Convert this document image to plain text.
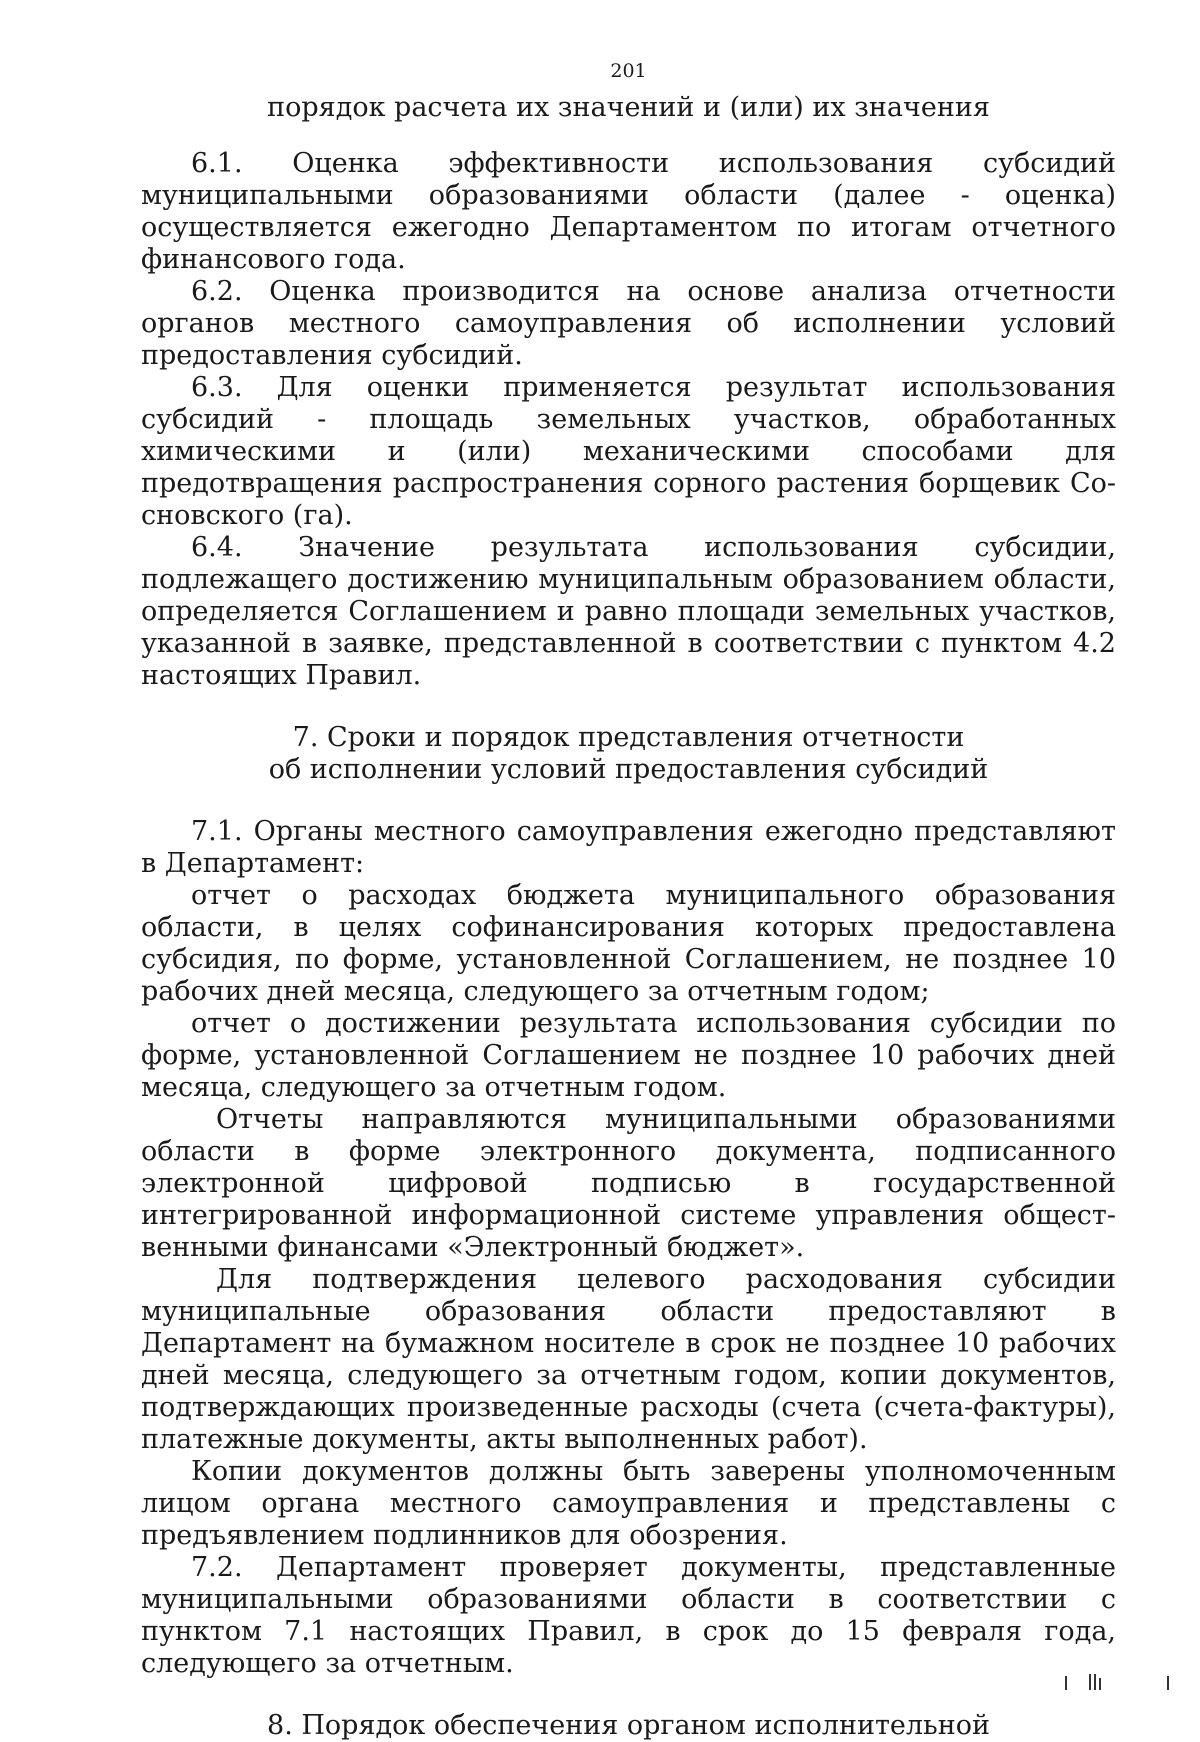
201

порядок расчета их значений и (или) их значения

6.1. Оценка эффективности использования субсидий муниципальными образованиями области (далее - оценка) осуществляется ежегодно Департаментом по итогам отчетного финансового года.

6.2. Оценка производится на основе анализа отчетности органов местного самоуправления об исполнении условий предоставления субсидий.

6.3. Для оценки применяется результат использования субсидий - площадь земельных участков, обработанных химическими и (или) механическими способами для предотвращения распространения сорного растения борщевик Сосновского (га).

6.4. Значение результата использования субсидии, подлежащего достижению муниципальным образованием области, определяется Соглашением и равно площади земельных участков, указанной в заявке, представленной в соответствии с пунктом 4.2 настоящих Правил.

7. Сроки и порядок представления отчетности

об исполнении условий предоставления субсидий

7.1. Органы местного самоуправления ежегодно представляют в Департамент:

отчет о расходах бюджета муниципального образования области, в целях софинансирования которых предоставлена субсидия, по форме, установленной Соглашением, не позднее 10 рабочих дней месяца, следующего за отчетным годом;

отчет о достижении результата использования субсидии по форме, установленной Соглашением не позднее 10 рабочих дней месяца, следующего за отчетным годом.

Отчеты направляются муниципальными образованиями области в форме электронного документа, подписанного электронной цифровой подписью в государственной интегрированной информационной системе управления общественными финансами «Электронный бюджет».

Для подтверждения целевого расходования субсидии муниципальные образования области предоставляют в Департамент на бумажном носителе в срок не позднее 10 рабочих дней месяца, следующего за отчетным годом, копии документов, подтверждающих произведенные расходы (счета (счета-фактуры), платежные документы, акты выполненных работ).

Копии документов должны быть заверены уполномоченным лицом органа местного самоуправления и представлены с предъявлением подлинников для обозрения.

7.2. Департамент проверяет документы, представленные муниципальными образованиями области в соответствии с пунктом 7.1 настоящих Правил, в срок до 15 февраля года, следующего за отчетным.

8. Порядок обеспечения органом исполнительной
